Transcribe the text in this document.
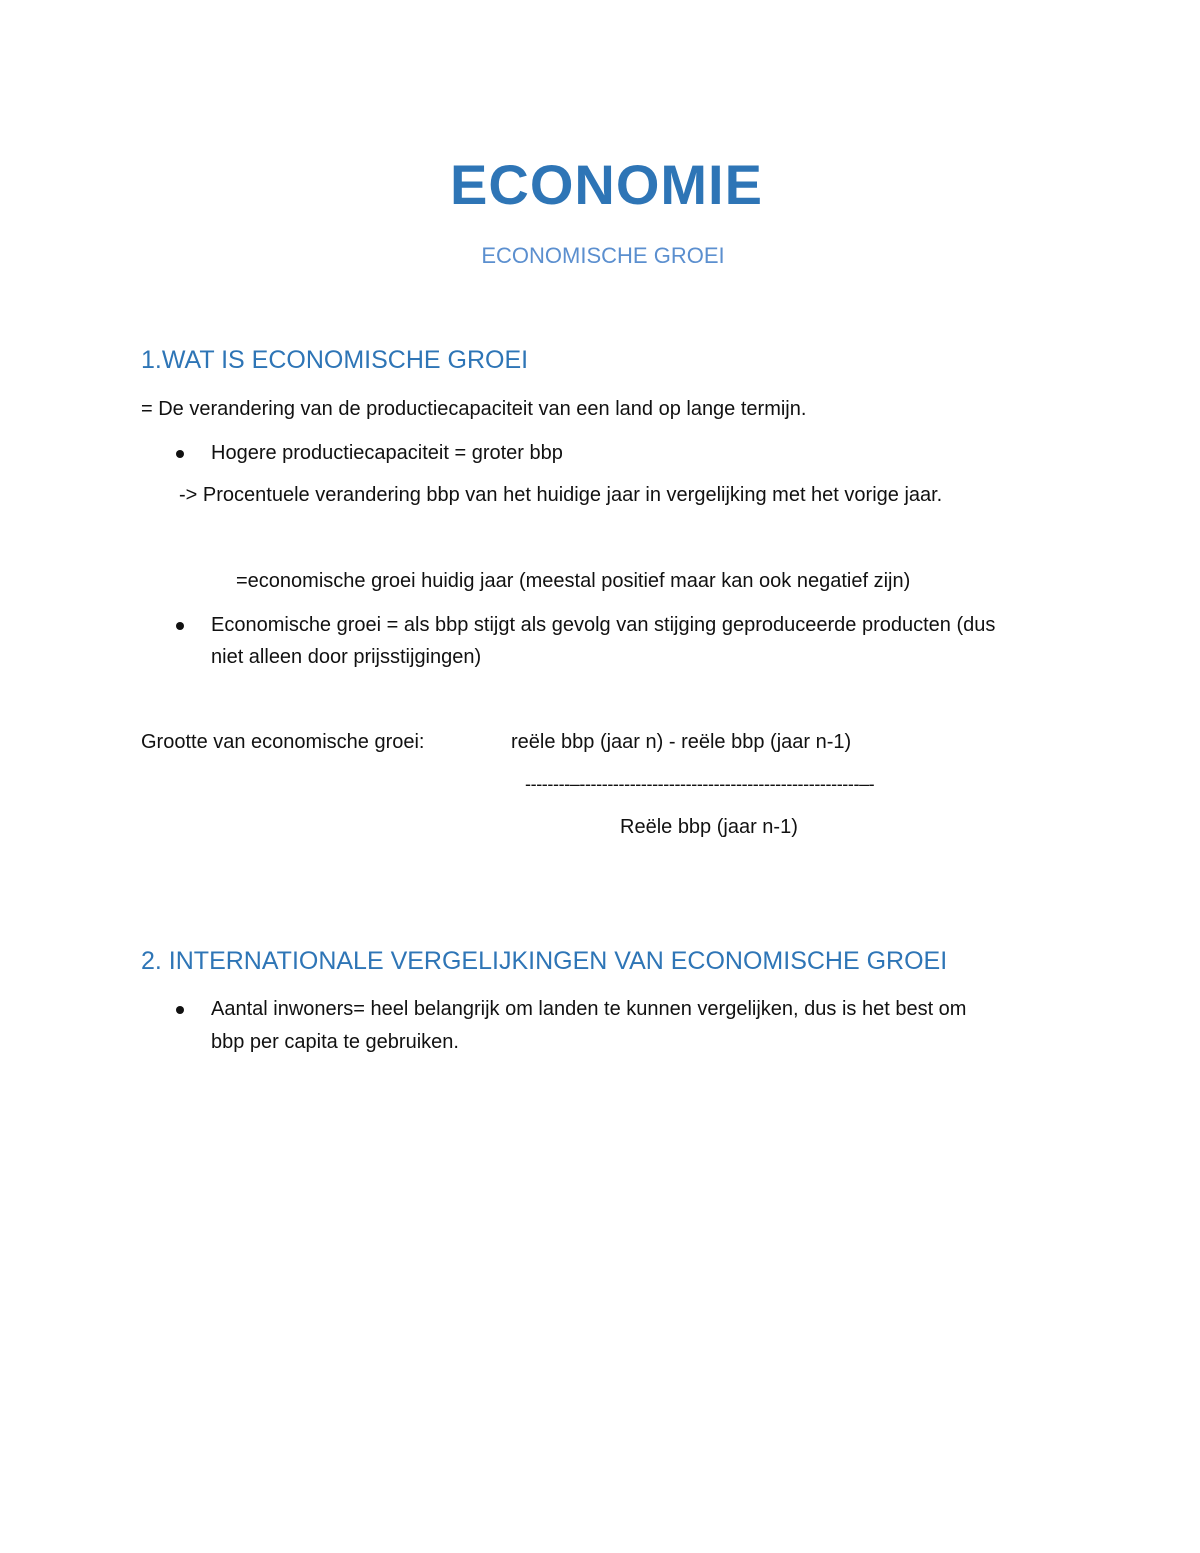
ECONOMIE
ECONOMISCHE GROEI
1.WAT IS ECONOMISCHE GROEI
= De verandering van de productiecapaciteit van een land op lange termijn.
Hogere productiecapaciteit = groter bbp
-> Procentuele verandering bbp van het huidige jaar in vergelijking met het vorige jaar.
=economische groei huidig jaar (meestal positief maar kan ook negatief zijn)
Economische groei = als bbp stijgt als gevolg van stijging geproduceerde producten (dus
niet alleen door prijsstijgingen)
Grootte van economische groei:	reële bbp (jaar n) - reële bbp (jaar n-1)
--------–--------------------------------------------------–-
Reële bbp (jaar n-1)
2. INTERNATIONALE VERGELIJKINGEN VAN ECONOMISCHE GROEI
Aantal inwoners= heel belangrijk om landen te kunnen vergelijken, dus is het best om
bbp per capita te gebruiken.
